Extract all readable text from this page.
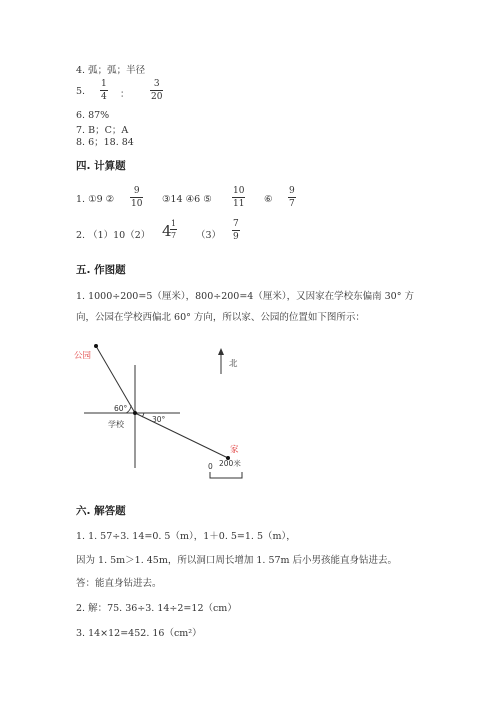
4. 弧；弧；半径
5.
1
4 ：
3
20
6. 87%
7. B；C；A
8. 6；18. 84
四. 计算题
1. ①9 ②
9
10 ③14 ④6 ⑤
10
11 ⑥
9
7
2. （1）10（2） 4 1
7 （3）
7
9
五. 作图题
1. 1000÷200=5（厘米），800÷200=4（厘米），又因家在学校东偏南 30° 方
向，公园在学校西偏北 60° 方向，所以家、公园的位置如下图所示：
公园
北
60°
30°
学校
家
0 200米
六. 解答题
1. 1. 57÷3. 14=0. 5（m），1＋0. 5=1. 5（m），
因为 1. 5m＞1. 45m，所以洞口周长增加 1. 57m 后小男孩能直身钻进去。
答：能直身钻进去。
2. 解：75. 36÷3. 14÷2=12（cm）
3. 14×12=452. 16（cm²）
